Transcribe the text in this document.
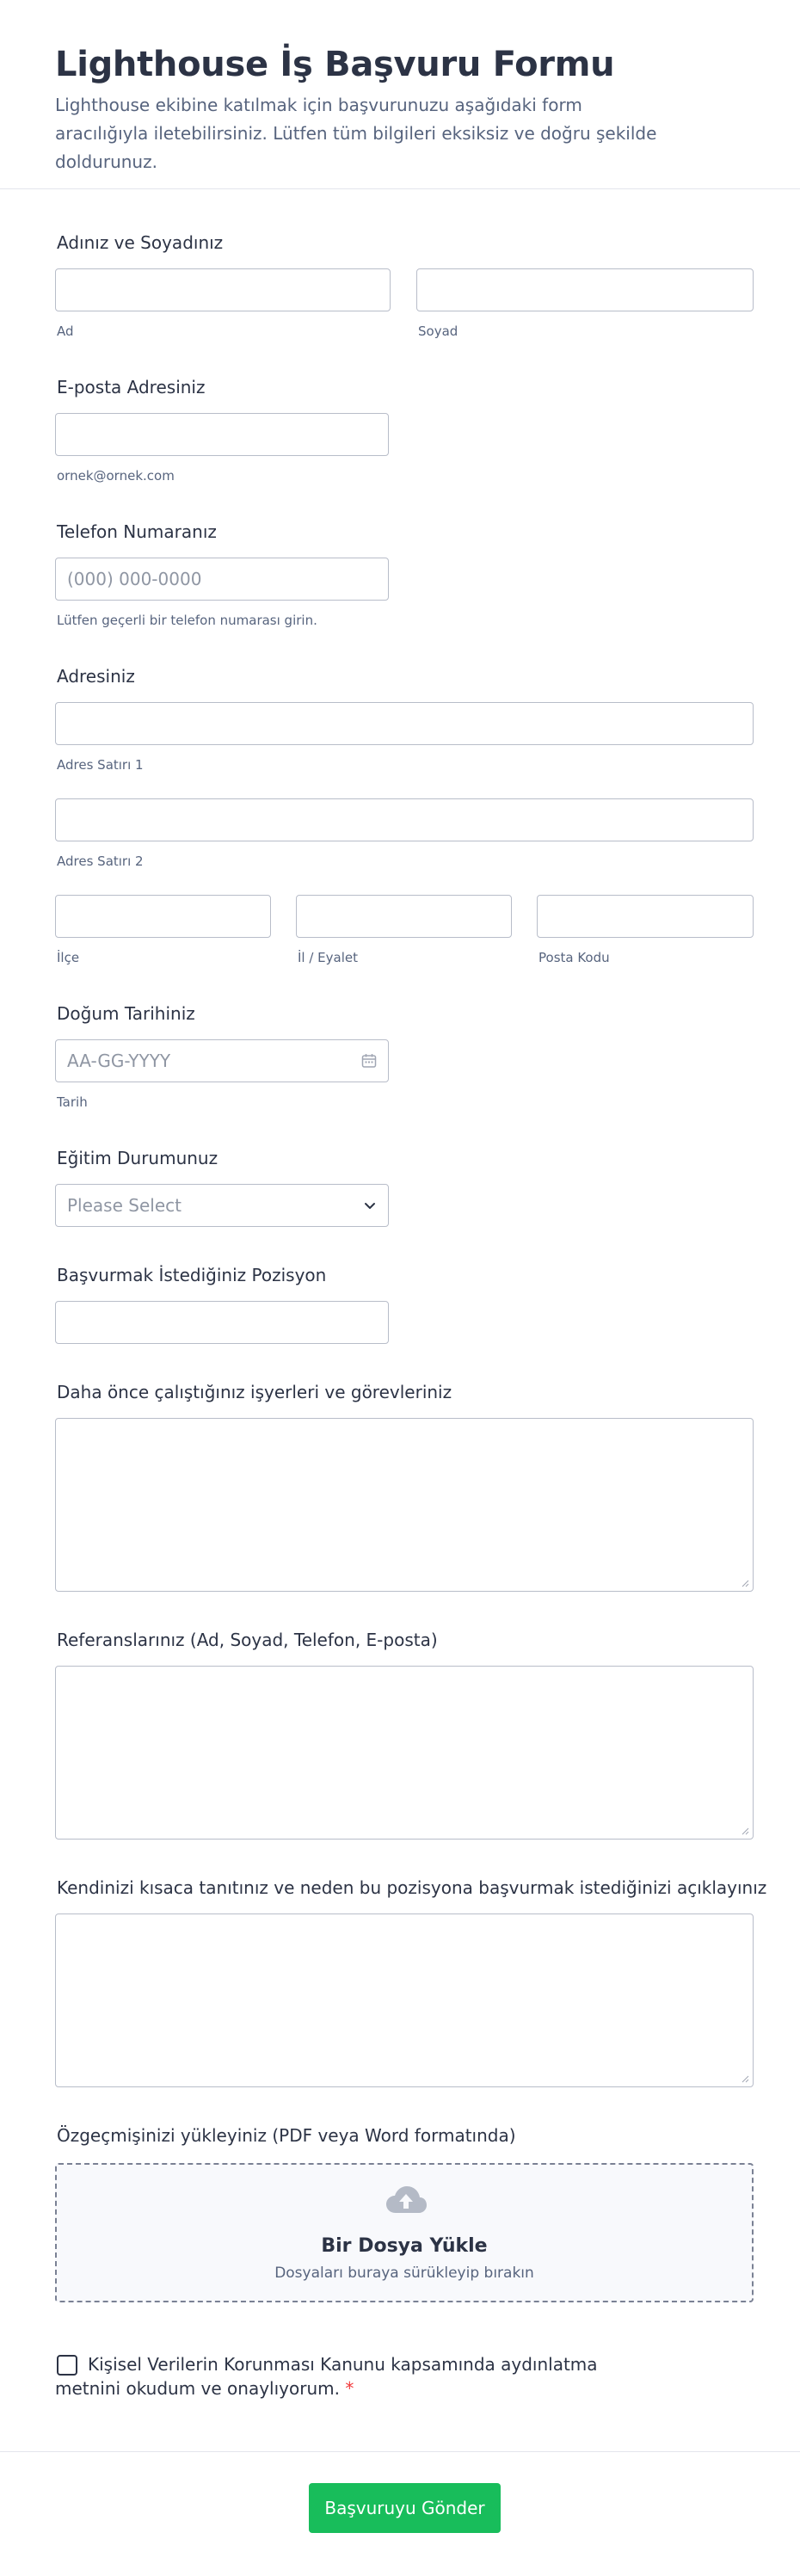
Lighthouse İş Başvuru Formu

Lighthouse ekibine katılmak için başvurunuzu aşağıdaki form aracılığıyla iletebilirsiniz. Lütfen tüm bilgileri eksiksiz ve doğru şekilde doldurunuz.

Adınız ve Soyadınız
Ad	Soyad
E-posta Adresiniz
ornek@ornek.com
Telefon Numaranız
(000) 000-0000
Lütfen geçerli bir telefon numarası girin.
Adresiniz
Adres Satırı 1
Adres Satırı 2
İlçe	İl / Eyalet	Posta Kodu
Doğum Tarihiniz
AA-GG-YYYY
Tarih
Eğitim Durumunuz
Please Select
Başvurmak İstediğiniz Pozisyon
Daha önce çalıştığınız işyerleri ve görevleriniz
Referanslarınız (Ad, Soyad, Telefon, E-posta)
Kendinizi kısaca tanıtınız ve neden bu pozisyona başvurmak istediğinizi açıklayınız
Özgeçmişinizi yükleyiniz (PDF veya Word formatında)
Bir Dosya Yükle
Dosyaları buraya sürükleyip bırakın

Kişisel Verilerin Korunması Kanunu kapsamında aydınlatma metnini okudum ve onaylıyorum. *

Başvuruyu Gönder
